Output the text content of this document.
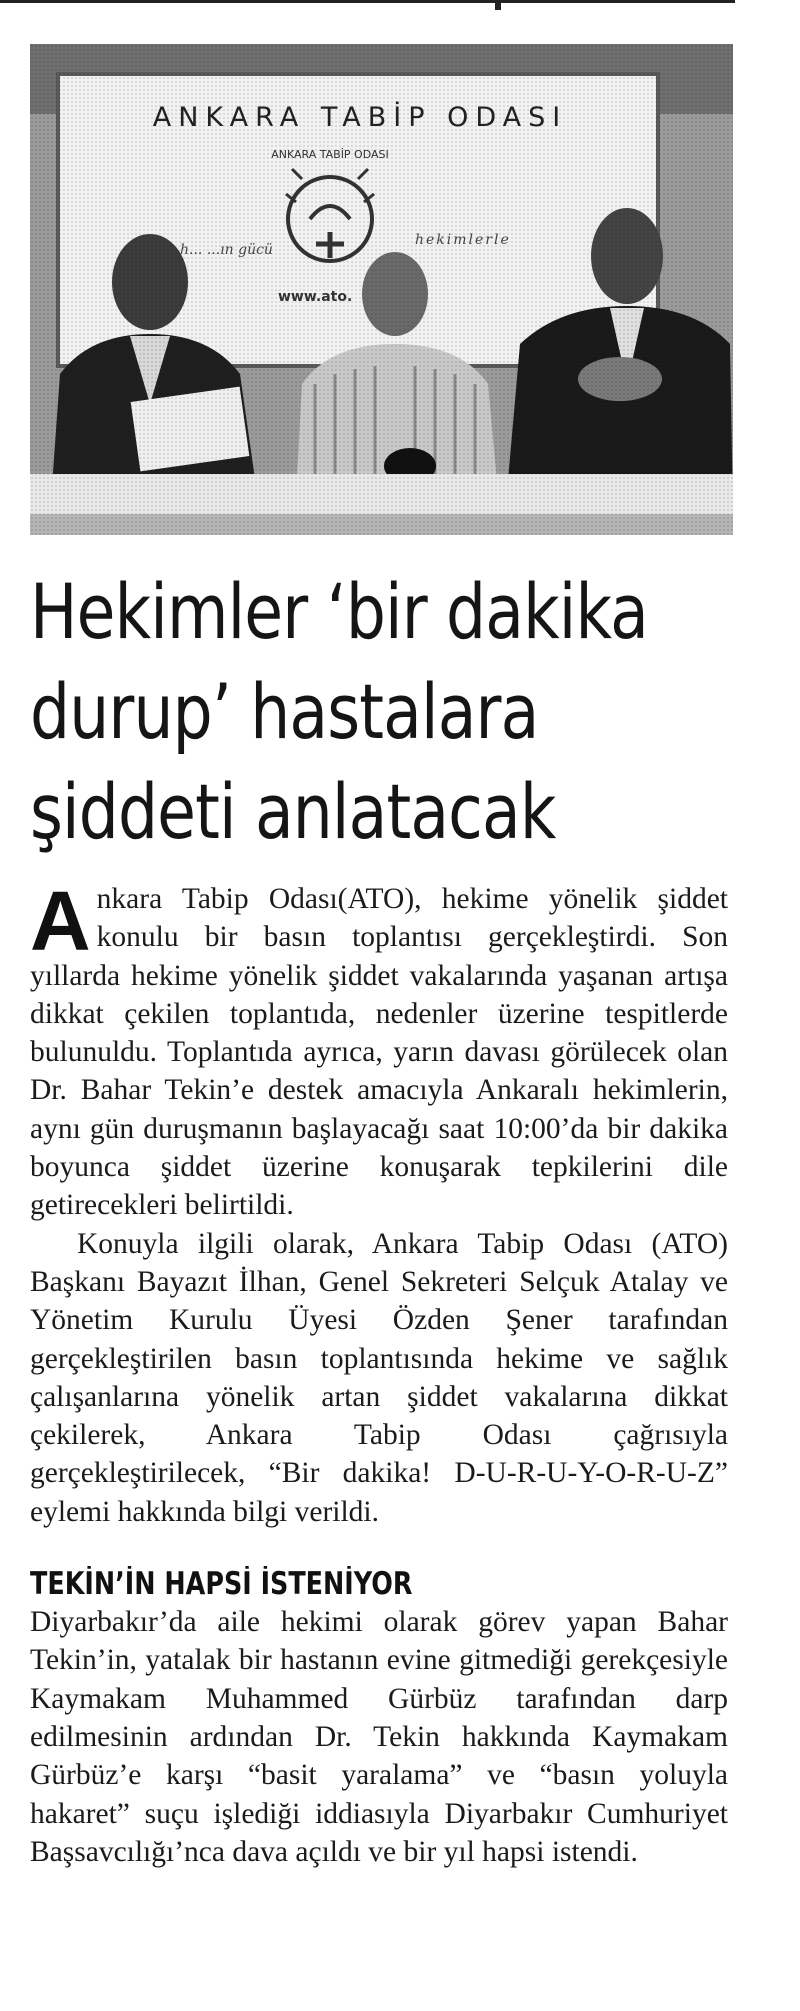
Hekimler ‘bir dakika
durup’ hastalara
şiddeti anlatacak

Ankara Tabip Odası(ATO), hekime yönelik şiddet konulu bir basın toplantısı gerçekleştirdi. Son yıllarda hekime yönelik şiddet vakalarında yaşanan artışa dikkat çekilen toplantıda, nedenler üzerine tespitlerde bulunuldu. Toplantıda ayrıca, yarın davası görülecek olan Dr. Bahar Tekin’e destek amacıyla Ankaralı hekimlerin, aynı gün duruşmanın başlayacağı saat 10:00’da bir dakika boyunca şiddet üzerine konuşarak tepkilerini dile getirecekleri belirtildi.

Konuyla ilgili olarak, Ankara Tabip Odası (ATO) Başkanı Bayazıt İlhan, Genel Sekreteri Selçuk Atalay ve Yönetim Kurulu Üyesi Özden Şener tarafından gerçekleştirilen basın toplantısında hekime ve sağlık çalışanlarına yönelik artan şiddet vakalarına dikkat çekilerek, Ankara Tabip Odası çağrısıyla gerçekleştirilecek, “Bir dakika! D-U-R-U-Y-O-R-U-Z” eylemi hakkında bilgi verildi.

TEKİN’İN HAPSİ İSTENİYOR

Diyarbakır’da aile hekimi olarak görev yapan Bahar Tekin’in, yatalak bir hastanın evine gitmediği gerekçesiyle Kaymakam Muhammed Gürbüz tarafından darp edilmesinin ardından Dr. Tekin hakkında Kaymakam Gürbüz’e karşı “basit yaralama” ve “basın yoluyla hakaret” suçu işlediği iddiasıyla Diyarbakır Cumhuriyet Başsavcılığı’nca dava açıldı ve bir yıl hapsi istendi.
